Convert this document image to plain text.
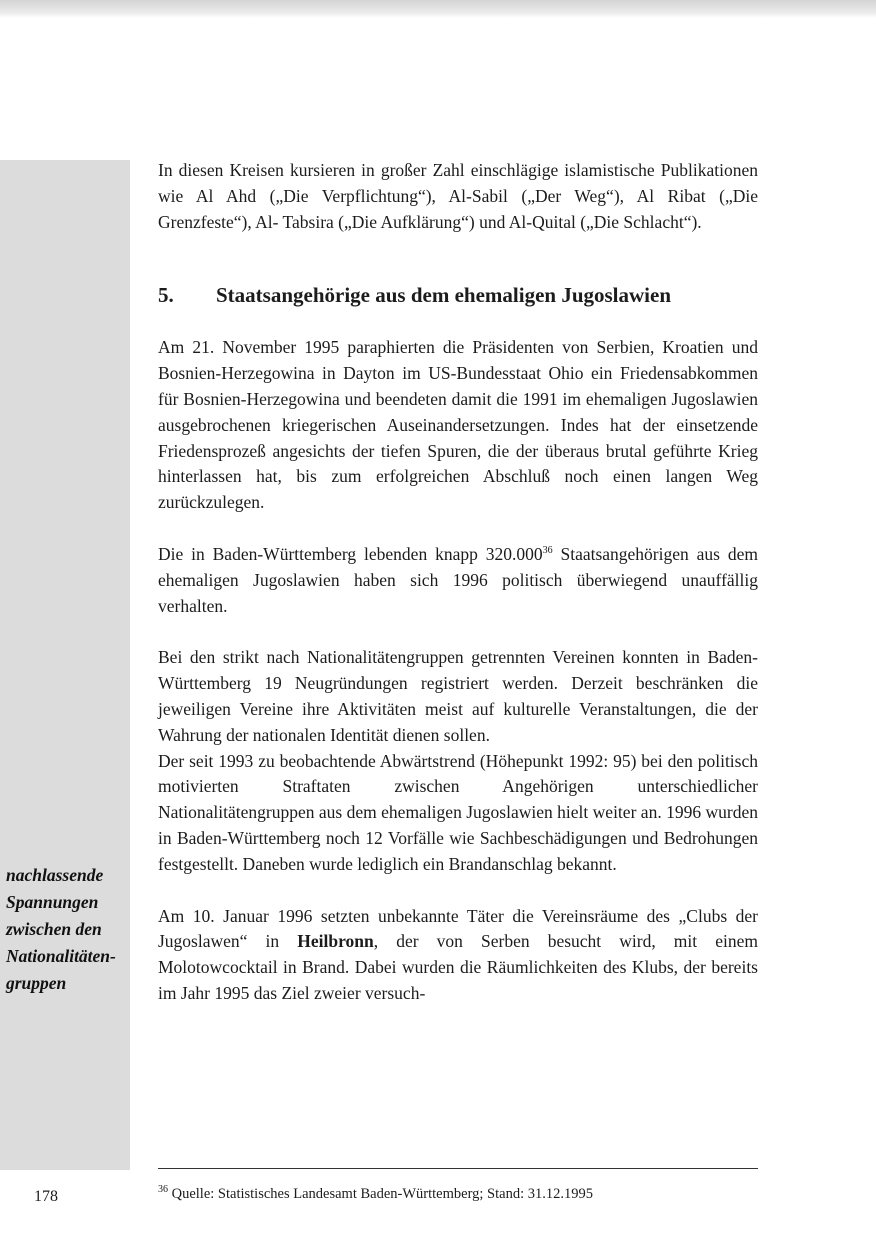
nachlassende
Spannungen
zwischen den
Nationalitäten-
gruppen

In diesen Kreisen kursieren in großer Zahl einschlägige islamistische Publikationen wie Al Ahd („Die Verpflichtung“), Al-Sabil („Der Weg“), Al Ribat („Die Grenzfeste“), Al- Tabsira („Die Aufklärung“) und Al-Quital („Die Schlacht“).

5.	Staatsangehörige aus dem ehemaligen Jugoslawien

Am 21. November 1995 paraphierten die Präsidenten von Serbien, Kroatien und Bosnien-Herzegowina in Dayton im US-Bundesstaat Ohio ein Friedensabkommen für Bosnien-Herzegowina und beendeten damit die 1991 im ehemaligen Jugoslawien ausgebrochenen kriegerischen Auseinandersetzungen. Indes hat der einsetzende Friedensprozeß angesichts der tiefen Spuren, die der überaus brutal geführte Krieg hinterlassen hat, bis zum erfolgreichen Abschluß noch einen langen Weg zurückzulegen.

Die in Baden-Württemberg lebenden knapp 320.000$^{36}$ Staatsangehörigen aus dem ehemaligen Jugoslawien haben sich 1996 politisch überwiegend unauffällig verhalten.

Bei den strikt nach Nationalitätengruppen getrennten Vereinen konnten in Baden-Württemberg 19 Neugründungen registriert werden. Derzeit beschränken die jeweiligen Vereine ihre Aktivitäten meist auf kulturelle Veranstaltungen, die der Wahrung der nationalen Identität dienen sollen.

Der seit 1993 zu beobachtende Abwärtstrend (Höhepunkt 1992: 95) bei den politisch motivierten Straftaten zwischen Angehörigen unterschiedlicher Nationalitätengruppen aus dem ehemaligen Jugoslawien hielt weiter an. 1996 wurden in Baden-Württemberg noch 12 Vorfälle wie Sachbeschädigungen und Bedrohungen festgestellt. Daneben wurde lediglich ein Brandanschlag bekannt.

Am 10. Januar 1996 setzten unbekannte Täter die Vereinsräume des „Clubs der Jugoslawen“ in Heilbronn, der von Serben besucht wird, mit einem Molotowcocktail in Brand. Dabei wurden die Räumlichkeiten des Klubs, der bereits im Jahr 1995 das Ziel zweier versuch-

$^{36}$ Quelle: Statistisches Landesamt Baden-Württemberg; Stand: 31.12.1995
178
